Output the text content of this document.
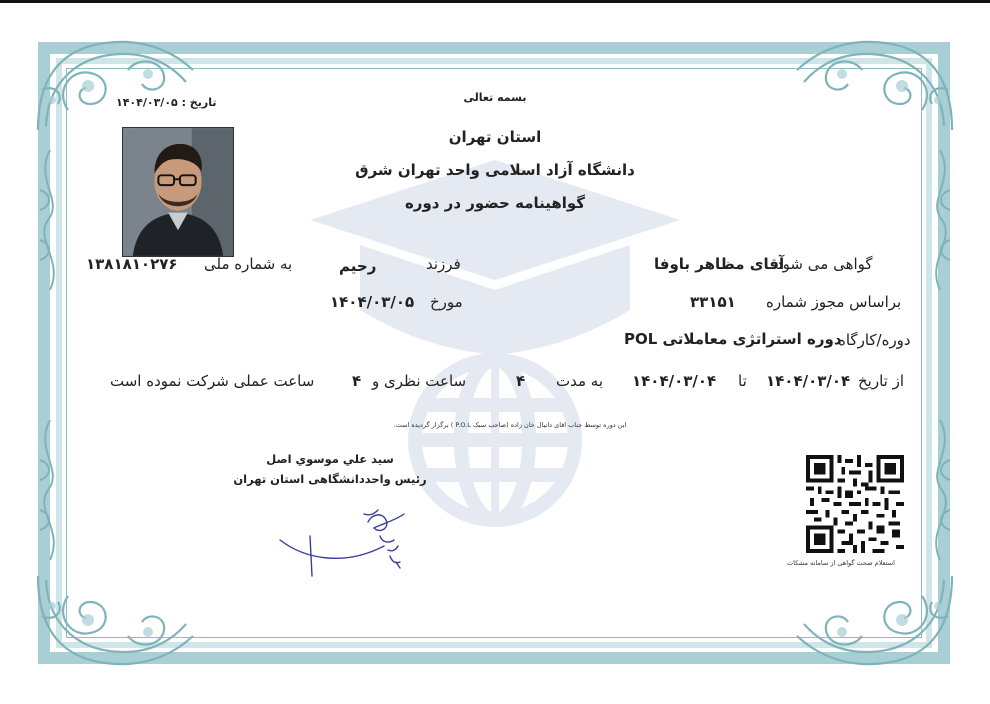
بسمه تعالی
تاریخ : ۱۴۰۴/۰۳/۰۵
استان تهران
دانشگاه آزاد اسلامی واحد تهران شرق
گواهینامه حضور در دوره
گواهی می شود
آقای مظاهر باوفا
فرزند
رحیم
به شماره ملی
۱۳۸۱۸۱۰۲۷۶
براساس مجوز شماره
۳۳۱۵۱
مورخ
۱۴۰۴/۰۳/۰۵
دوره/کارگاه
دوره استراتژی معاملاتی POL
از تاریخ
۱۴۰۴/۰۳/۰۴
تا
۱۴۰۴/۰۳/۰۴
به مدت
۴
ساعت نظری و
۴
ساعت عملی شرکت نموده است
این دوره توسط جناب اقای دانیال خان زاده (صاحب سبک P.O.L ) برگزار گردیده است.
سید علي موسوي اصل
رئیس واحددانشگاهی استان تهران
استعلام صحت گواهی از سامانه مشکات
